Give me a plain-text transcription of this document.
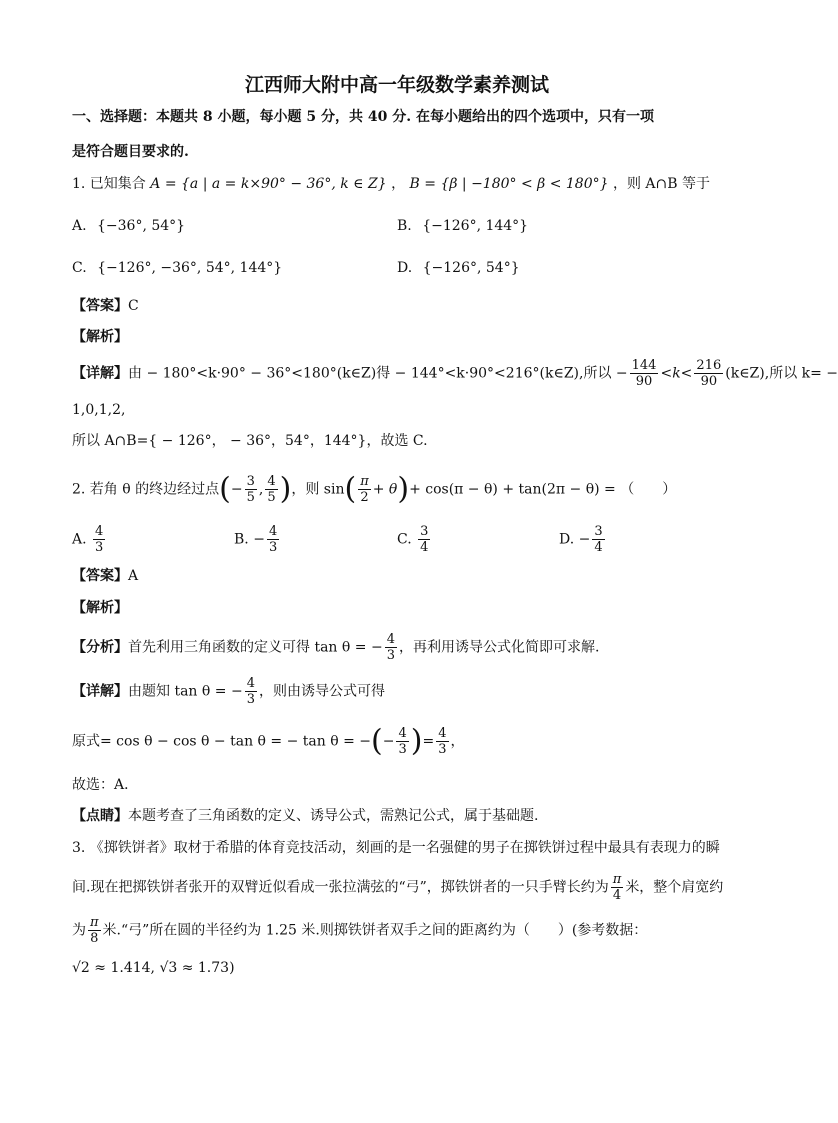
江西师大附中高一年级数学素养测试
一、选择题：本题共 8 小题，每小题 5 分，共 40 分. 在每小题给出的四个选项中，只有一项
是符合题目要求的.
1. 已知集合 A = {a | a = k×90° − 36°, k ∈ Z} ， B = {β | −180° < β < 180°} ，则 A∩B 等于
A. {−36°, 54°}	B. {−126°, 144°}
C. {−126°, −36°, 54°, 144°}	D. {−126°, 54°}
【答案】C
【解析】
【详解】由 − 180°<k·90° − 36°<180°(k∈Z)得 − 144°<k·90°<216°(k∈Z),所以 − $\frac{144}{90} <k< \frac{216}{90}$ (k∈Z),所以 k= −
1,0,1,2,
所以 A∩B={ − 126°， − 36°，54°，144°}，故选 C.
2. 若角 θ 的终边经过点(− $\frac{3}{5}$ , $\frac{4}{5}$ )，则 $\sin( \frac{\pi}{2} + \theta)+ \cos(\pi - \theta) + \tan(2\pi - \theta)$ = （　　）
A. $\frac{4}{3}$	B. − $\frac{4}{3}$	C. $\frac{3}{4}$	D. − $\frac{3}{4}$
【答案】A
【解析】
【分析】首先利用三角函数的定义可得 tan θ = − $\frac{4}{3}$ ，再利用诱导公式化简即可求解.
【详解】由题知 tan θ = − $\frac{4}{3}$ ，则由诱导公式可得
原式= cos θ − cos θ − tan θ = − tan θ = −(− $\frac{4}{3}$ )= $\frac{4}{3}$ ，
故选：A．
【点睛】本题考查了三角函数的定义、诱导公式，需熟记公式，属于基础题.
3. 《掷铁饼者》取材于希腊的体育竞技活动，刻画的是一名强健的男子在掷铁饼过程中最具有表现力的瞬
间.现在把掷铁饼者张开的双臂近似看成一张拉满弦的“弓”，掷铁饼者的一只手臂长约为 $\frac{\pi}{4}$ 米，整个肩宽约
为 $\frac{\pi}{8}$ 米.“弓”所在圆的半径约为 1.25 米.则掷铁饼者双手之间的距离约为（　　）(参考数据：
√2 ≈ 1.414, √3 ≈ 1.73)
